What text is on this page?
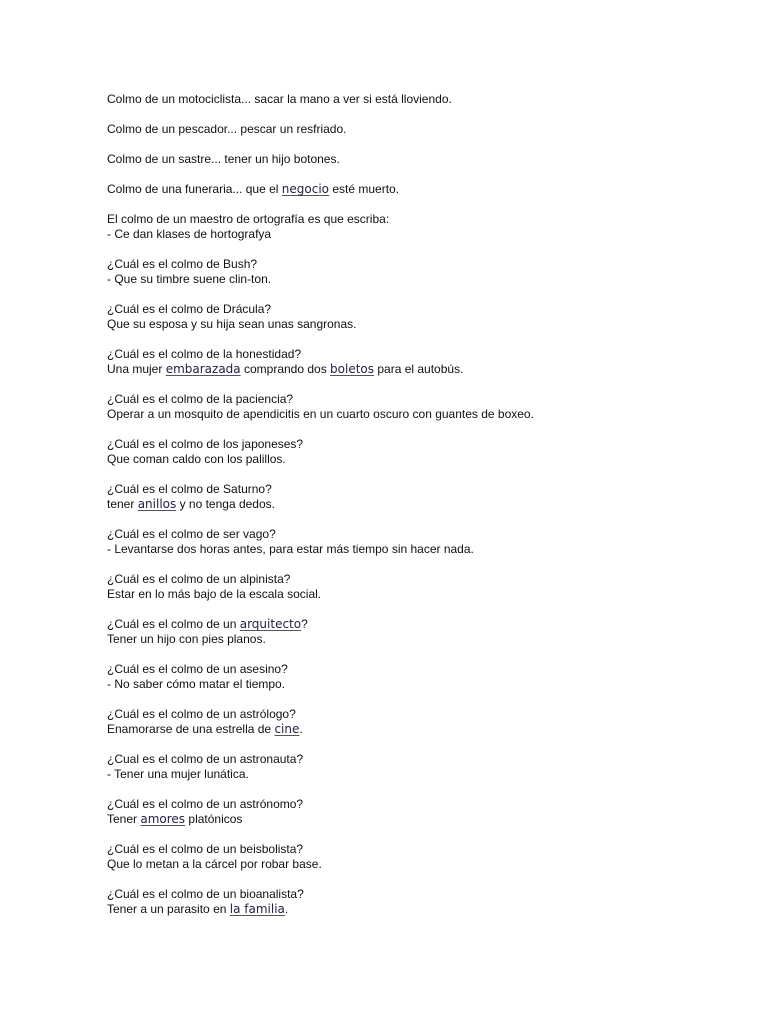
Colmo de un motociclista... sacar la mano a ver si está lloviendo.
Colmo de un pescador... pescar un resfriado.
Colmo de un sastre... tener un hijo botones.
Colmo de una funeraria... que el negocio esté muerto.
El colmo de un maestro de ortografía es que escriba:
- Ce dan klases de hortografya
¿Cuál es el colmo de Bush?
- Que su timbre suene clin-ton.
¿Cuál es el colmo de Drácula?
Que su esposa y su hija sean unas sangronas.
¿Cuál es el colmo de la honestidad?
Una mujer embarazada comprando dos boletos para el autobús.
¿Cuál es el colmo de la paciencia?
Operar a un mosquito de apendicitis en un cuarto oscuro con guantes de boxeo.
¿Cuál es el colmo de los japoneses?
Que coman caldo con los palillos.
¿Cuál es el colmo de Saturno?
tener anillos y no tenga dedos.
¿Cuál es el colmo de ser vago?
- Levantarse dos horas antes, para estar más tiempo sin hacer nada.
¿Cuál es el colmo de un alpinista?
Estar en lo más bajo de la escala social.
¿Cuál es el colmo de un arquitecto?
Tener un hijo con pies planos.
¿Cuál es el colmo de un asesino?
- No saber cómo matar el tiempo.
¿Cuál es el colmo de un astrólogo?
Enamorarse de una estrella de cine.
¿Cual es el colmo de un astronauta?
- Tener una mujer lunática.
¿Cuál es el colmo de un astrónomo?
Tener amores platónicos
¿Cuál es el colmo de un beisbolista?
Que lo metan a la cárcel por robar base.
¿Cuál es el colmo de un bioanalista?
Tener a un parasito en la familia.
